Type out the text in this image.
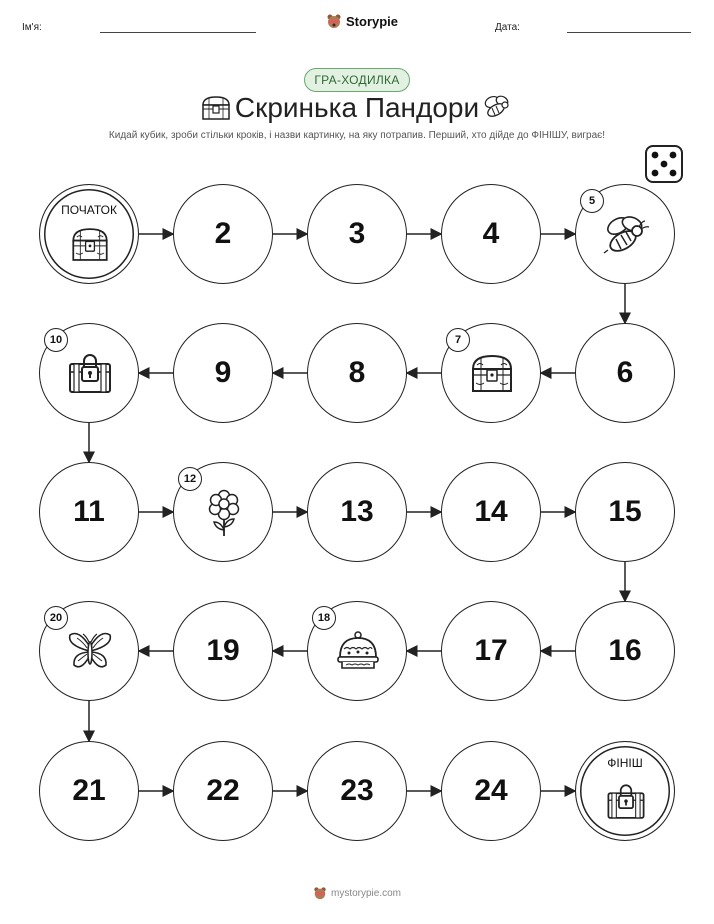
Ім'я:	Storypie	Дата:
ГРА-ХОДИЛКА
Скринька Пандори
Кидай кубик, зроби стільки кроків, і назви картинку, на яку потрапив. Перший, хто дійде до ФІНІШУ, виграє!
ПОЧАТОК
2	3	4
5
6
7
8
9
10
11
12
13	14	15
16
17
18
19
20
21	22	23	24
ФІНІШ
mystorypie.com
